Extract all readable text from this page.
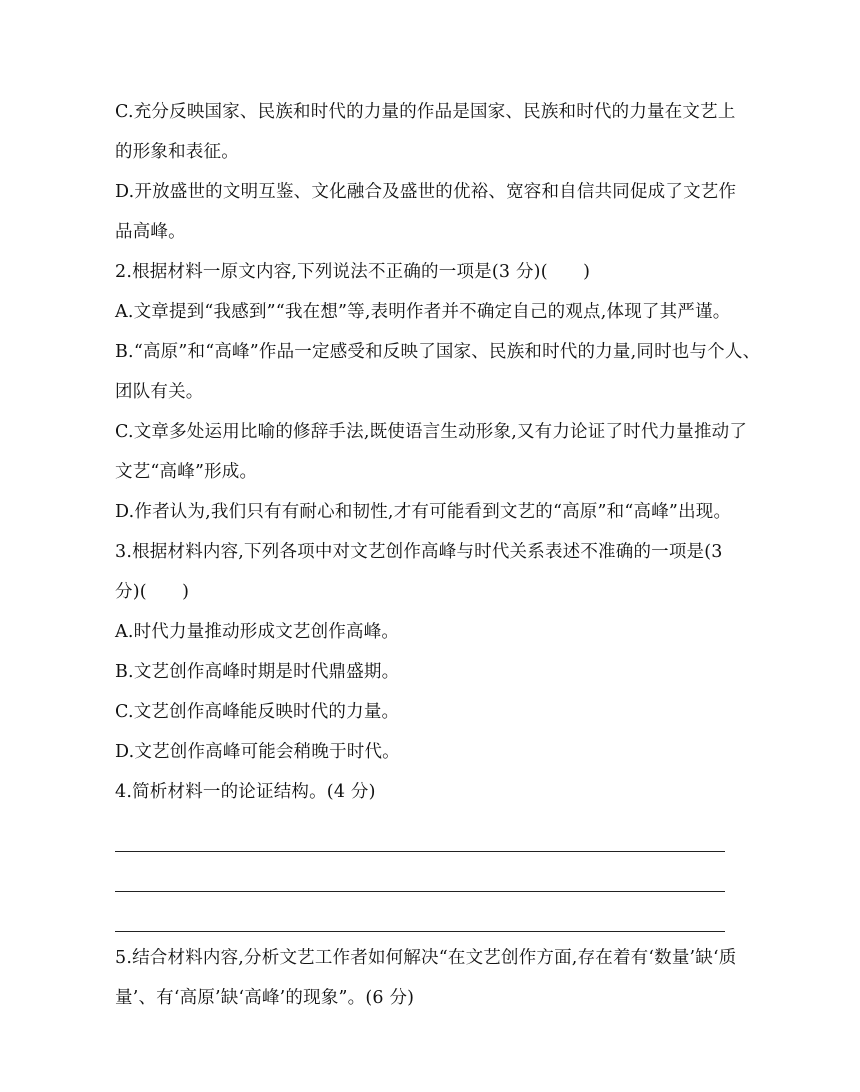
C.充分反映国家、民族和时代的力量的作品是国家、民族和时代的力量在文艺上
的形象和表征。
D.开放盛世的文明互鉴、文化融合及盛世的优裕、宽容和自信共同促成了文艺作
品高峰。
2.根据材料一原文内容,下列说法不正确的一项是(3 分)(　　)
A.文章提到“我感到”“我在想”等,表明作者并不确定自己的观点,体现了其严谨。
B.“高原”和“高峰”作品一定感受和反映了国家、民族和时代的力量,同时也与个人、
团队有关。
C.文章多处运用比喻的修辞手法,既使语言生动形象,又有力论证了时代力量推动了
文艺“高峰”形成。
D.作者认为,我们只有有耐心和韧性,才有可能看到文艺的“高原”和“高峰”出现。
3.根据材料内容,下列各项中对文艺创作高峰与时代关系表述不准确的一项是(3
分)(　　)
A.时代力量推动形成文艺创作高峰。
B.文艺创作高峰时期是时代鼎盛期。
C.文艺创作高峰能反映时代的力量。
D.文艺创作高峰可能会稍晚于时代。
4.简析材料一的论证结构。(4 分)
5.结合材料内容,分析文艺工作者如何解决“在文艺创作方面,存在着有‘数量’缺‘质
量’、有‘高原’缺‘高峰’的现象”。(6 分)
